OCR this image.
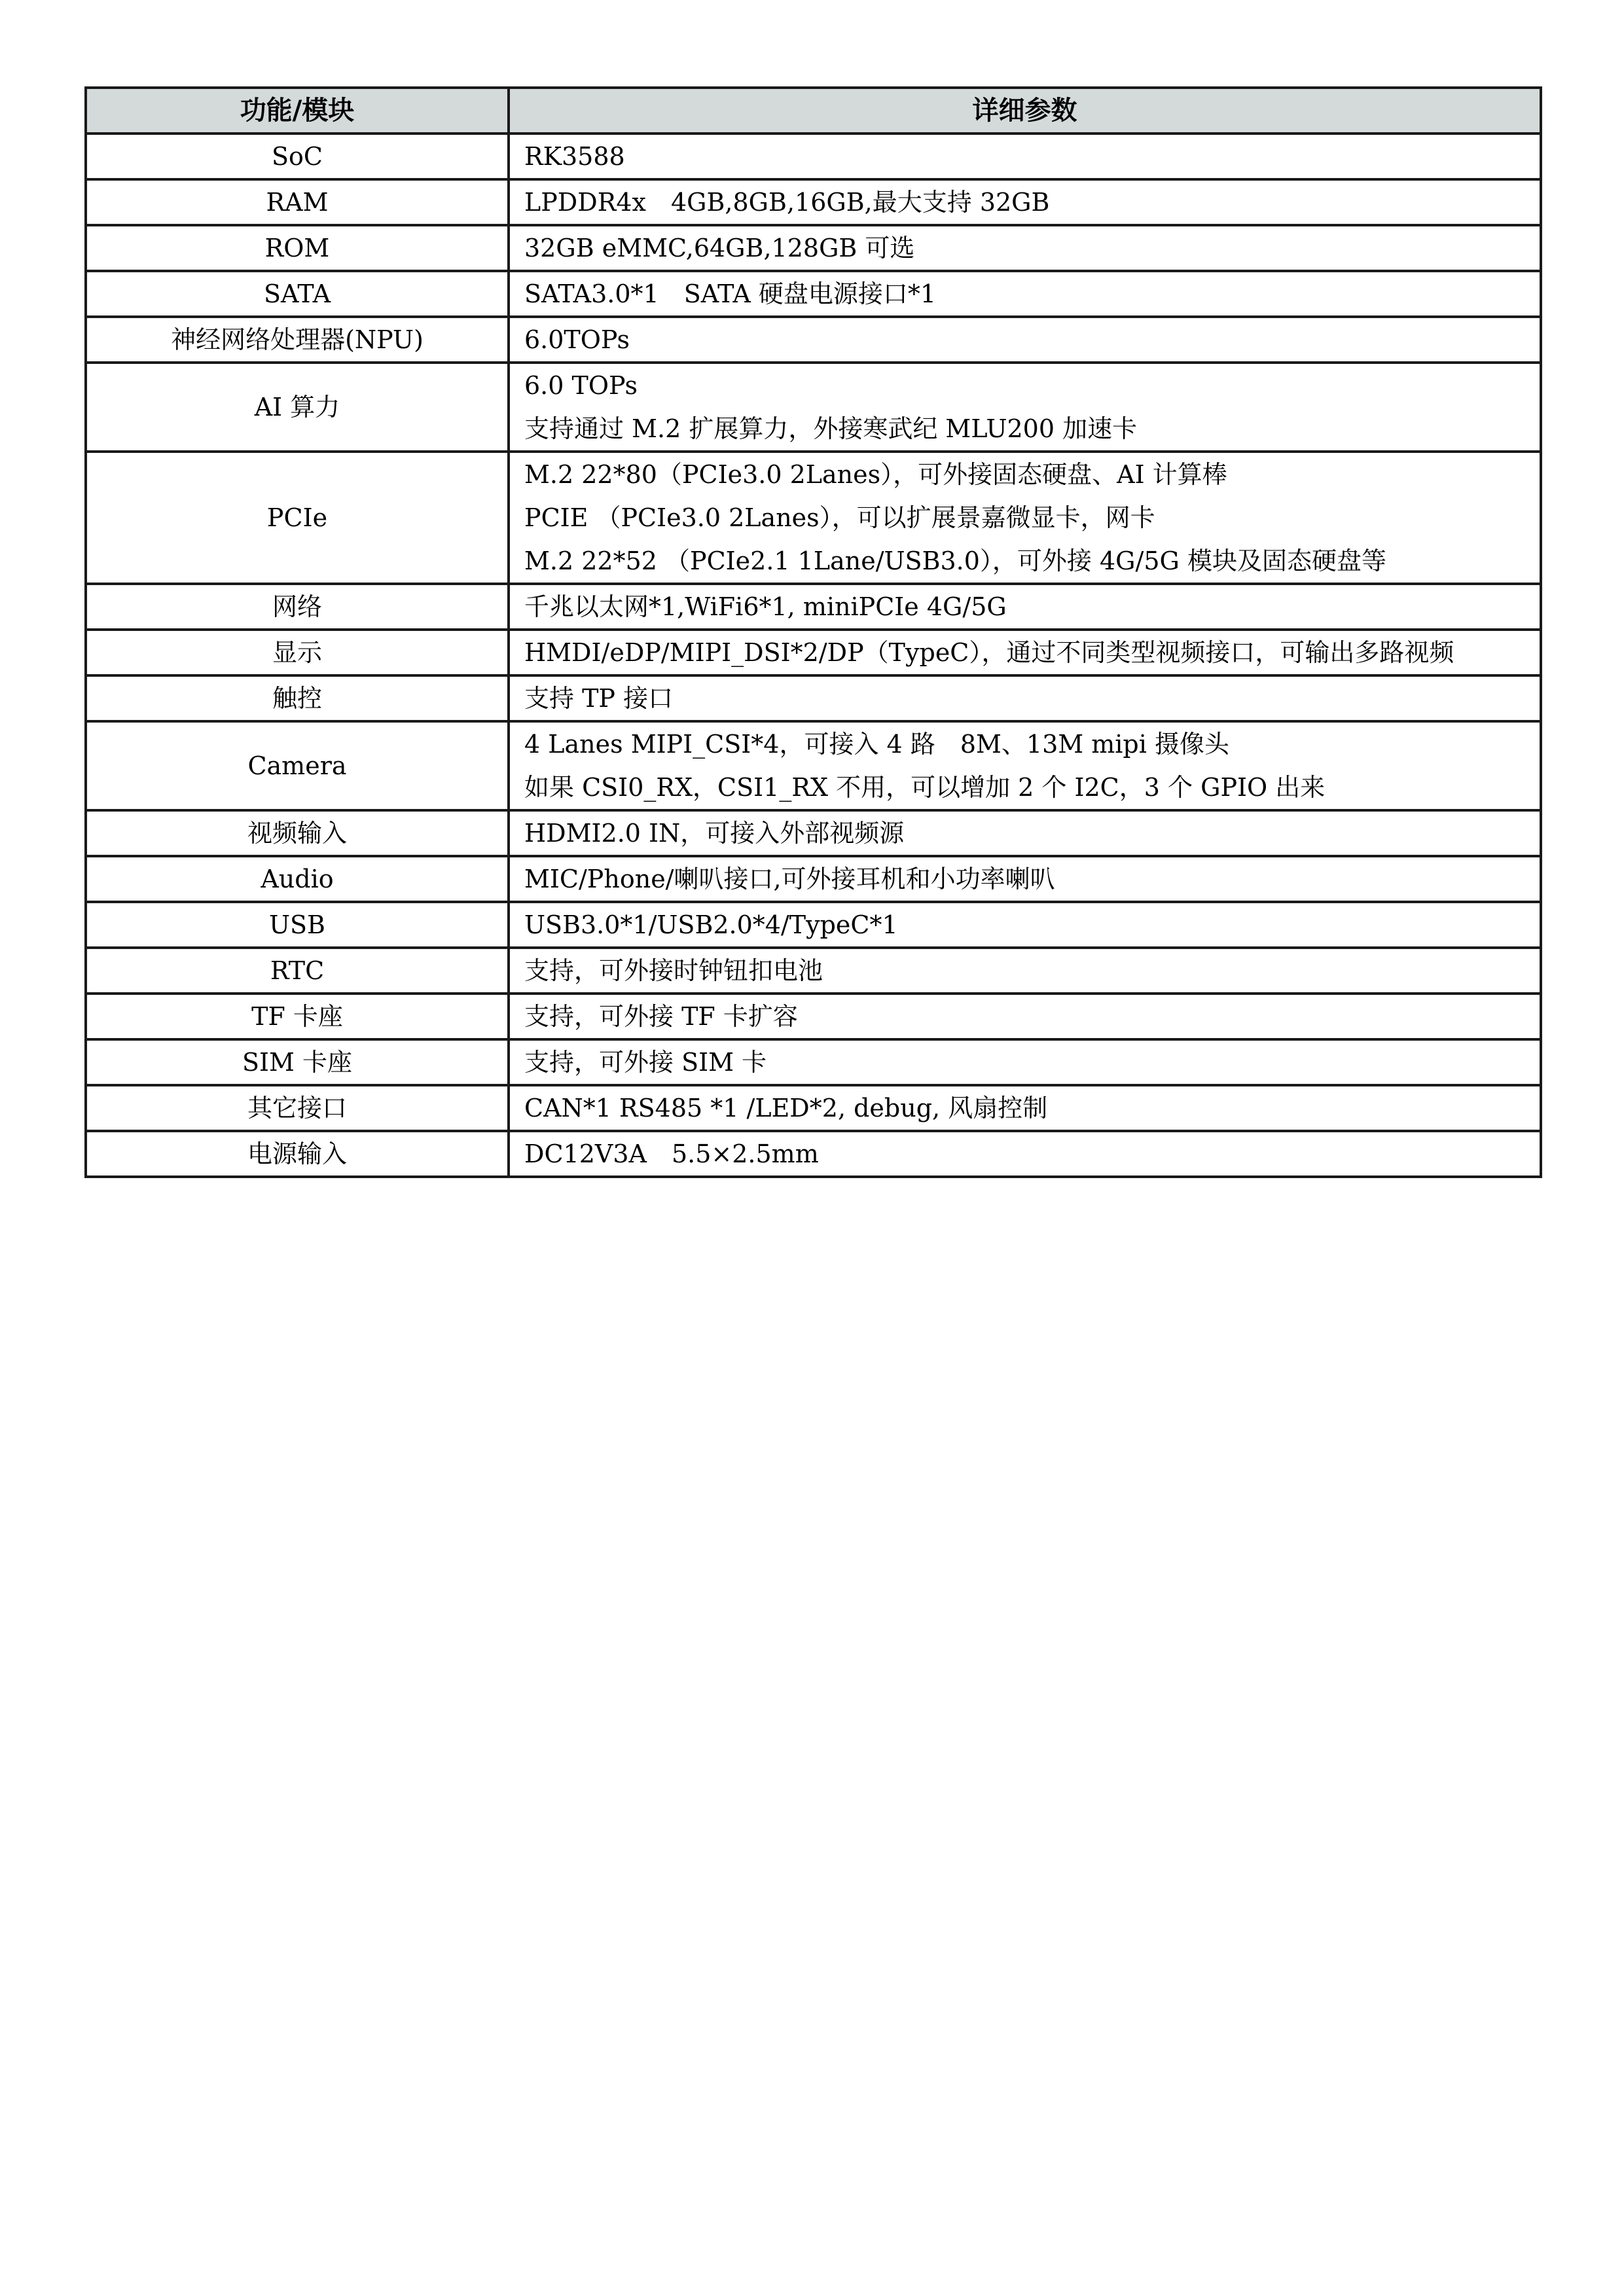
功能/模块	详细参数
SoC	RK3588

RAM	LPDDR4x　4GB,8GB,16GB,最大支持 32GB

ROM	32GB eMMC,64GB,128GB 可选

SATA	SATA3.0*1　SATA 硬盘电源接口*1

神经网络处理器(NPU)	6.0TOPs

AI 算力	6.0 TOPs
支持通过 M.2 扩展算力，外接寒武纪 MLU200 加速卡

PCIe	M.2 22*80（PCIe3.0 2Lanes），可外接固态硬盘、AI 计算棒
PCIE （PCIe3.0 2Lanes），可以扩展景嘉微显卡，网卡
M.2 22*52 （PCIe2.1 1Lane/USB3.0），可外接 4G/5G 模块及固态硬盘等

网络	千兆以太网*1,WiFi6*1, miniPCIe 4G/5G

显示	HMDI/eDP/MIPI_DSI*2/DP（TypeC），通过不同类型视频接口，可输出多路视频

触控	支持 TP 接口

Camera	4 Lanes MIPI_CSI*4，可接入 4 路　8M、13M mipi 摄像头
如果 CSI0_RX，CSI1_RX 不用，可以增加 2 个 I2C，3 个 GPIO 出来

视频输入	HDMI2.0 IN，可接入外部视频源

Audio	MIC/Phone/喇叭接口,可外接耳机和小功率喇叭

USB	USB3.0*1/USB2.0*4/TypeC*1

RTC	支持，可外接时钟钮扣电池

TF 卡座	支持，可外接 TF 卡扩容

SIM 卡座	支持，可外接 SIM 卡

其它接口	CAN*1 RS485 *1 /LED*2, debug, 风扇控制

电源输入	DC12V3A　5.5×2.5mm
